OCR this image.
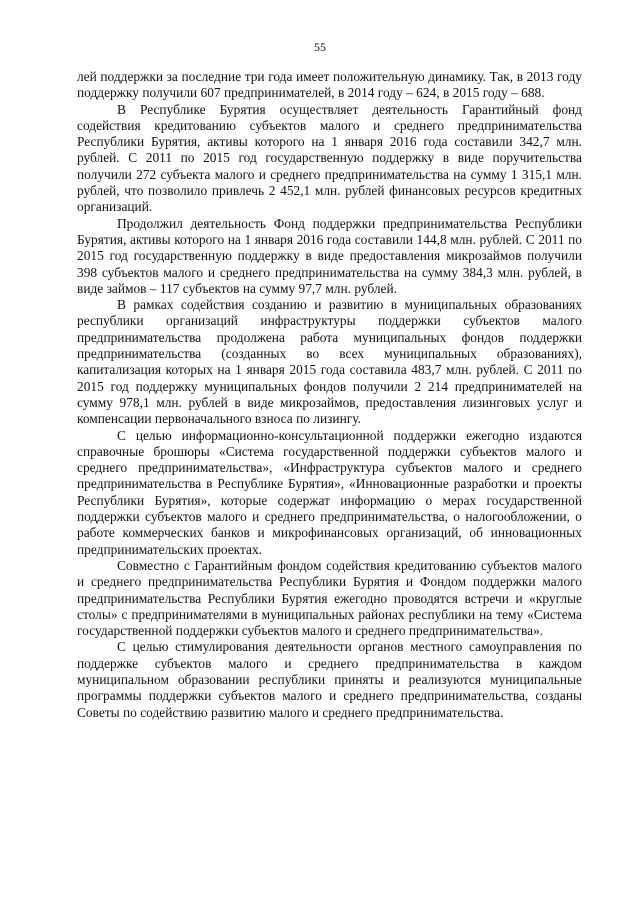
55

лей поддержки за последние три года имеет положительную динамику. Так, в 2013 году поддержку получили 607 предпринимателей, в 2014 году – 624, в 2015 году – 688.

В Республике Бурятия осуществляет деятельность Гарантийный фонд содействия кредитованию субъектов малого и среднего предпринимательства Республики Бурятия, активы которого на 1 января 2016 года составили 342,7 млн. рублей. С 2011 по 2015 год государственную поддержку в виде поручительства получили 272 субъекта малого и среднего предпринимательства на сумму 1 315,1 млн. рублей, что позволило привлечь 2 452,1 млн. рублей финансовых ресурсов кредитных организаций.

Продолжил деятельность Фонд поддержки предпринимательства Республики Бурятия, активы которого на 1 января 2016 года составили 144,8 млн. рублей. С 2011 по 2015 год государственную поддержку в виде предоставления микрозаймов получили 398 субъектов малого и среднего предпринимательства на сумму 384,3 млн. рублей, в виде займов – 117 субъектов на сумму 97,7 млн. рублей.

В рамках содействия созданию и развитию в муниципальных образованиях республики организаций инфраструктуры поддержки субъектов малого предпринимательства продолжена работа муниципальных фондов поддержки предпринимательства (созданных во всех муниципальных образованиях), капитализация которых на 1 января 2015 года составила 483,7 млн. рублей. С 2011 по 2015 год поддержку муниципальных фондов получили 2 214 предпринимателей на сумму 978,1 млн. рублей в виде микрозаймов, предоставления лизинговых услуг и компенсации первоначального взноса по лизингу.

С целью информационно-консультационной поддержки ежегодно издаются справочные брошюры «Система государственной поддержки субъектов малого и среднего предпринимательства», «Инфраструктура субъектов малого и среднего предпринимательства в Республике Бурятия», «Инновационные разработки и проекты Республики Бурятия», которые содержат информацию о мерах государственной поддержки субъектов малого и среднего предпринимательства, о налогообложении, о работе коммерческих банков и микрофинансовых организаций, об инновационных предпринимательских проектах.

Совместно с Гарантийным фондом содействия кредитованию субъектов малого и среднего предпринимательства Республики Бурятия и Фондом поддержки малого предпринимательства Республики Бурятия ежегодно проводятся встречи и «круглые столы» с предпринимателями в муниципальных районах республики на тему «Система государственной поддержки субъектов малого и среднего предпринимательства».

С целью стимулирования деятельности органов местного самоуправления по поддержке субъектов малого и среднего предпринимательства в каждом муниципальном образовании республики приняты и реализуются муниципальные программы поддержки субъектов малого и среднего предпринимательства, созданы Советы по содействию развитию малого и среднего предпринимательства.
